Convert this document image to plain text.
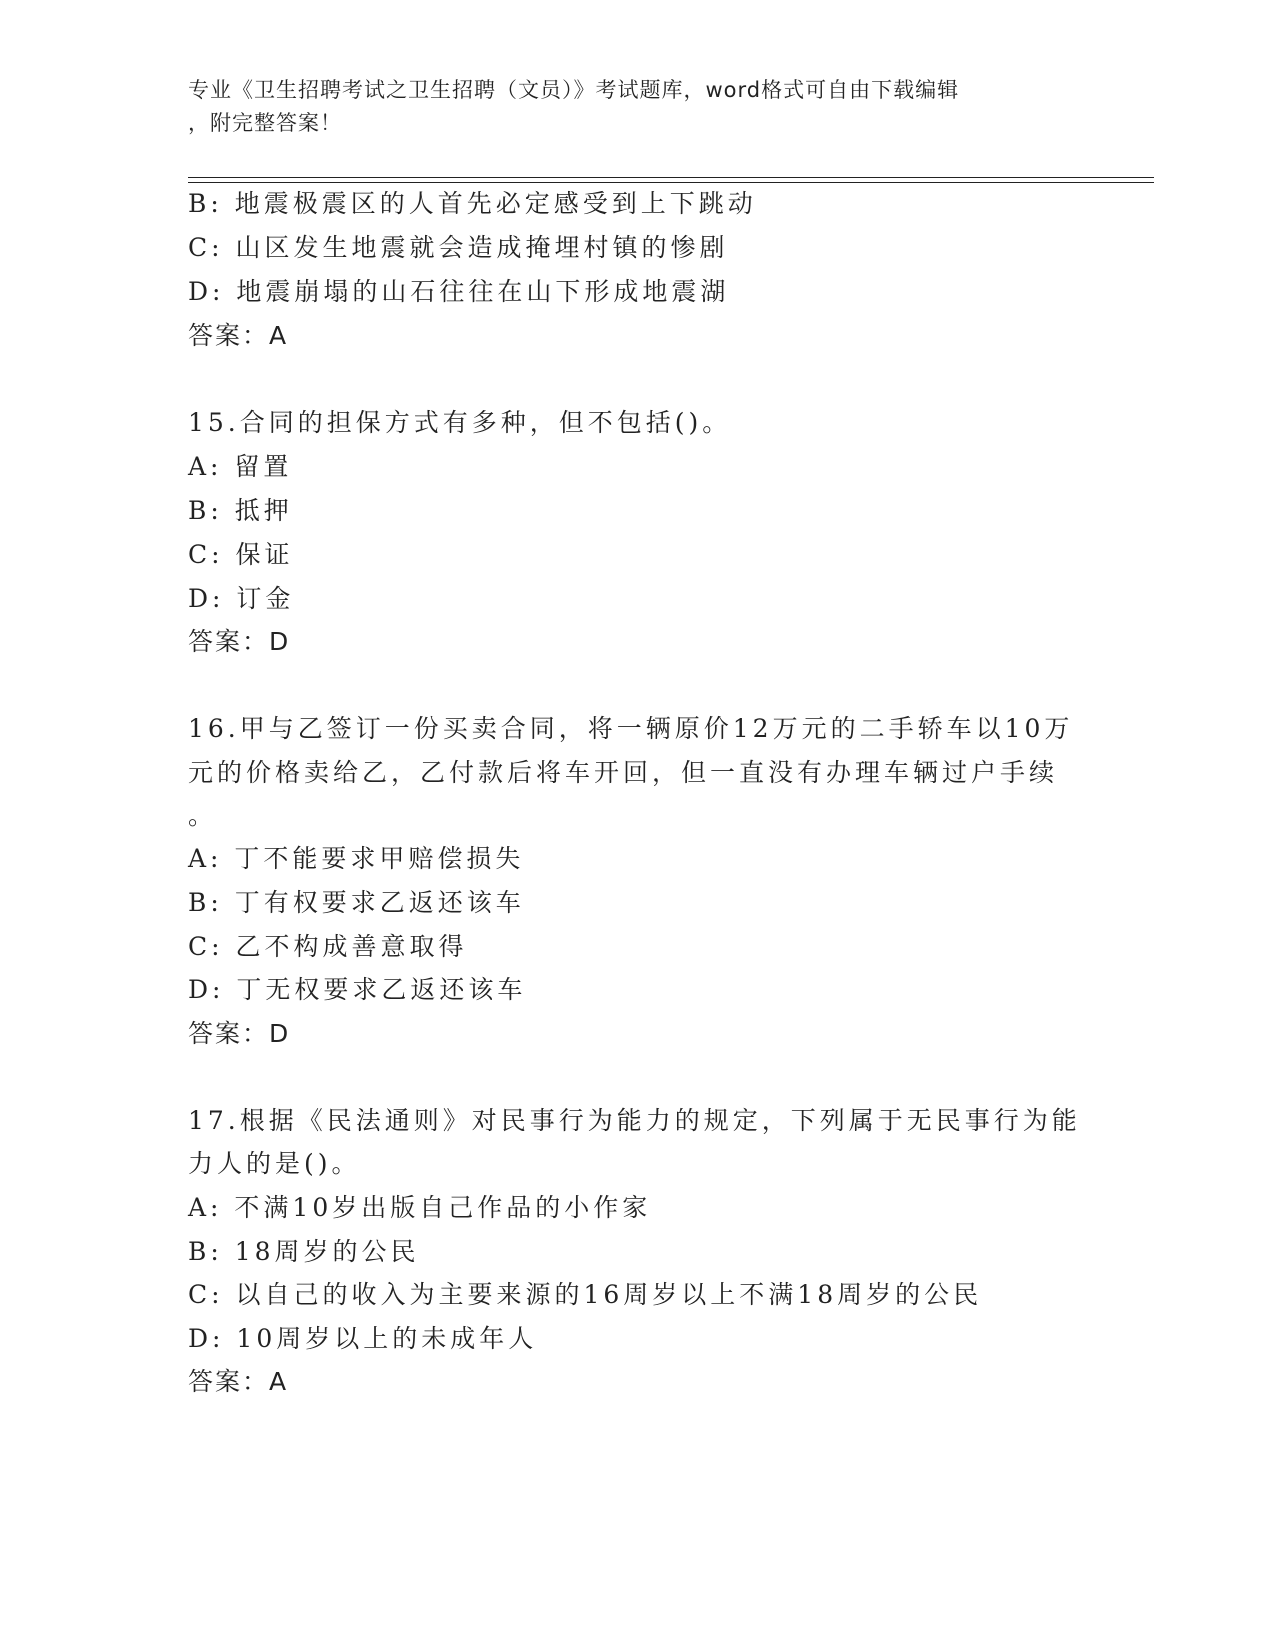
专业《卫生招聘考试之卫生招聘（文员）》考试题库，word格式可自由下载编辑
，附完整答案！
B: 地震极震区的人首先必定感受到上下跳动
C: 山区发生地震就会造成掩埋村镇的惨剧
D: 地震崩塌的山石往往在山下形成地震湖
答案：A
15.合同的担保方式有多种，但不包括()。
A: 留置
B: 抵押
C: 保证
D: 订金
答案：D
16.甲与乙签订一份买卖合同，将一辆原价12万元的二手轿车以10万
元的价格卖给乙，乙付款后将车开回，但一直没有办理车辆过户手续
。
A: 丁不能要求甲赔偿损失
B: 丁有权要求乙返还该车
C: 乙不构成善意取得
D: 丁无权要求乙返还该车
答案：D
17.根据《民法通则》对民事行为能力的规定，下列属于无民事行为能
力人的是()。
A: 不满10岁出版自己作品的小作家
B: 18周岁的公民
C: 以自己的收入为主要来源的16周岁以上不满18周岁的公民
D: 10周岁以上的未成年人
答案：A
